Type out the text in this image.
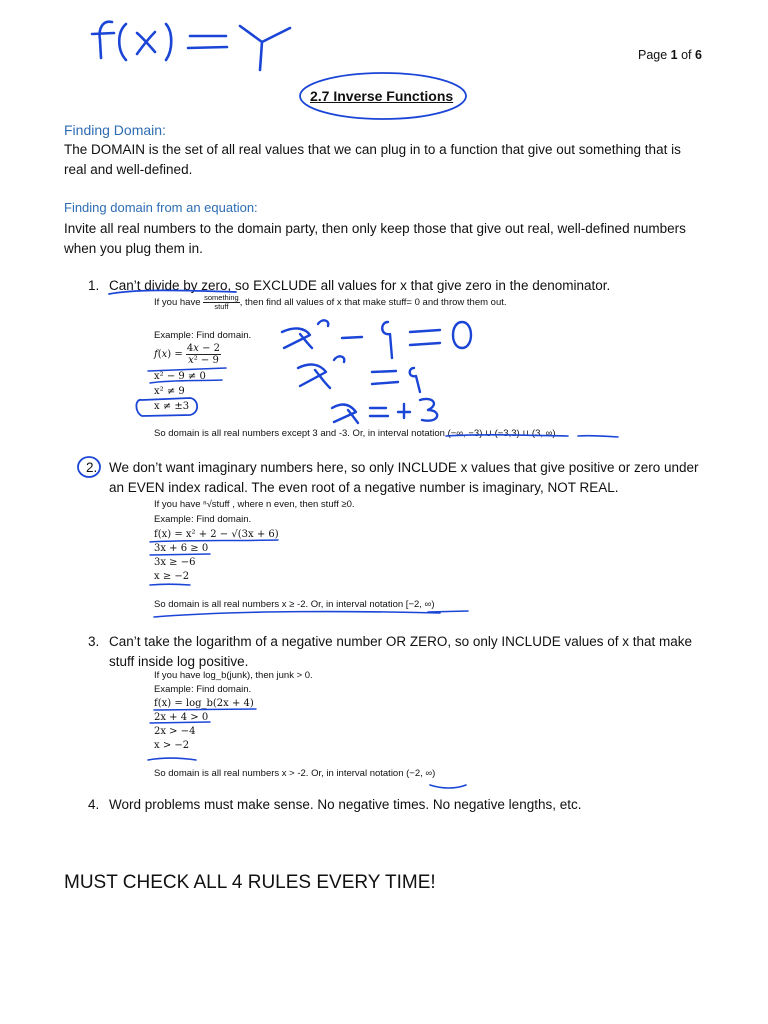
Page 1 of 6
2.7 Inverse Functions
Finding Domain:
The DOMAIN is the set of all real values that we can plug in to a function that give out something that is real and well-defined.
Finding domain from an equation:
Invite all real numbers to the domain party, then only keep those that give out real, well-defined numbers when you plug them in.
1. Can’t divide by zero, so EXCLUDE all values for x that give zero in the denominator.
If you have $\frac{\text{something}}{\text{stuff}}$ , then find all values of x that make stuff= 0 and throw them out.
Example: Find domain.
$f(x) = \frac{4x - 2}{\text{x² − 9}}$
x² − 9 ≠ 0
x² ≠ 9
x ≠ ±3
So domain is all real numbers except 3 and -3. Or, in interval notation (−∞, −3) ∪ (−3,3) ∪ (3, ∞)
2. We don’t want imaginary numbers here, so only INCLUDE x values that give positive or zero under an EVEN index radical. The even root of a negative number is imaginary, NOT REAL.
If you have ⁿ√stuff , where n even, then stuff ≥0.
Example: Find domain.
f(x) = x² + 2 − √(3x + 6)
3x + 6 ≥ 0
3x ≥ −6
x ≥ −2
So domain is all real numbers x ≥ -2. Or, in interval notation [−2, ∞)
3. Can’t take the logarithm of a negative number OR ZERO, so only INCLUDE values of x that make stuff inside log positive.
If you have log_b(junk), then junk > 0.
Example: Find domain.
f(x) = log_b(2x + 4)
2x + 4 > 0
2x > −4
x > −2
So domain is all real numbers x > -2. Or, in interval notation (−2, ∞)
4. Word problems must make sense. No negative times. No negative lengths, etc.
MUST CHECK ALL 4 RULES EVERY TIME!
